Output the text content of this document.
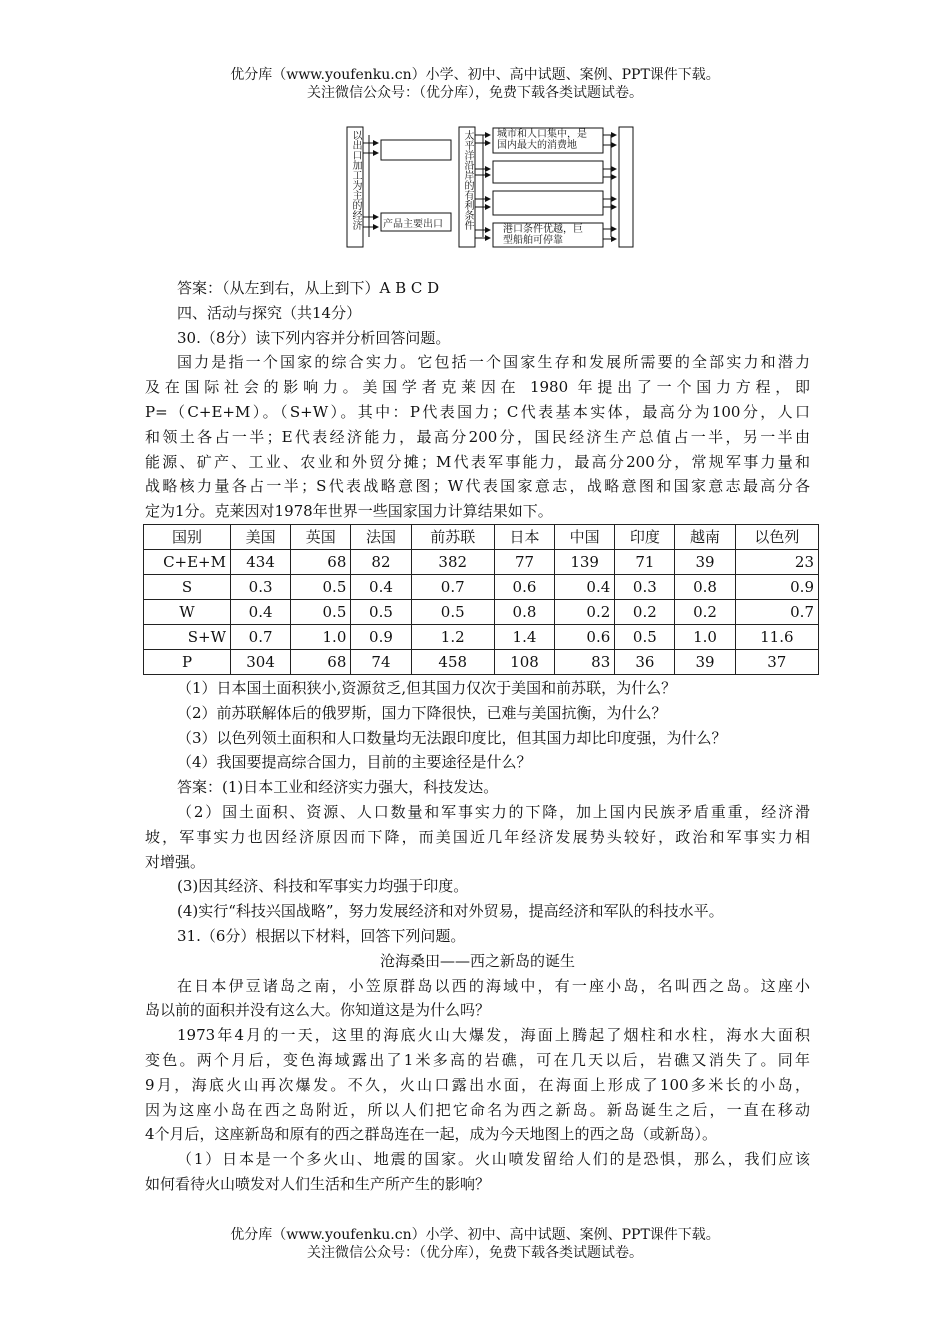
优分库（www.youfenku.cn）小学、初中、高中试题、案例、PPT课件下载。
关注微信公众号：（优分库），免费下载各类试题试卷。
以出口加工为主的经济	太平洋沿岸的有利条件
产品主要出口
城市和人口集中，是
国内最大的消费地
港口条件优越，巨
型船舶可停靠
答案：（从左到右，从上到下）A B C D
四、活动与探究（共14分）
30.（8分）读下列内容并分析回答问题。
国力是指一个国家的综合实力。它包括一个国家生存和发展所需要的全部实力和潜力
及在国际社会的影响力。美国学者克莱因在 1980 年提出了一个国力方程，即
P=（C+E+M）。（S+W）。其中：P代表国力；C代表基本实体，最高分为100分，人口
和领土各占一半；E代表经济能力，最高分200分，国民经济生产总值占一半，另一半由
能源、矿产、工业、农业和外贸分摊；M代表军事能力，最高分200分，常规军事力量和
战略核力量各占一半；S代表战略意图；W代表国家意志，战略意图和国家意志最高分各
定为1分。克莱因对1978年世界一些国家国力计算结果如下。
国别	美国	英国	法国	前苏联	日本	中国	印度	越南	以色列
C+E+M	434	68	82	382	77	139	71	39	23
S	0.3	0.5	0.4	0.7	0.6	0.4	0.3	0.8	0.9
W	0.4	0.5	0.5	0.5	0.8	0.2	0.2	0.2	0.7
S+W	0.7	1.0	0.9	1.2	1.4	0.6	0.5	1.0	11.6
P	304	68	74	458	108	83	36	39	37
（1）日本国土面积狭小,资源贫乏,但其国力仅次于美国和前苏联，为什么？
（2）前苏联解体后的俄罗斯，国力下降很快，已难与美国抗衡，为什么？
（3）以色列领土面积和人口数量均无法跟印度比，但其国力却比印度强，为什么？
（4）我国要提高综合国力，目前的主要途径是什么？
答案：(1)日本工业和经济实力强大，科技发达。
（2）国土面积、资源、人口数量和军事实力的下降，加上国内民族矛盾重重，经济滑
坡，军事实力也因经济原因而下降，而美国近几年经济发展势头较好，政治和军事实力相
对增强。
(3)因其经济、科技和军事实力均强于印度。
(4)实行“科技兴国战略”，努力发展经济和对外贸易，提高经济和军队的科技水平。
31.（6分）根据以下材料，回答下列问题。
沧海桑田——西之新岛的诞生
在日本伊豆诸岛之南，小笠原群岛以西的海域中，有一座小岛，名叫西之岛。这座小
岛以前的面积并没有这么大。你知道这是为什么吗？
1973年4月的一天，这里的海底火山大爆发，海面上腾起了烟柱和水柱，海水大面积
变色。两个月后，变色海域露出了1米多高的岩礁，可在几天以后，岩礁又消失了。同年
9月，海底火山再次爆发。不久，火山口露出水面，在海面上形成了100多米长的小岛，
因为这座小岛在西之岛附近，所以人们把它命名为西之新岛。新岛诞生之后，一直在移动
4个月后，这座新岛和原有的西之群岛连在一起，成为今天地图上的西之岛（或新岛）。
（1）日本是一个多火山、地震的国家。火山喷发留给人们的是恐惧，那么，我们应该
如何看待火山喷发对人们生活和生产所产生的影响？
优分库（www.youfenku.cn）小学、初中、高中试题、案例、PPT课件下载。
关注微信公众号：（优分库），免费下载各类试题试卷。
